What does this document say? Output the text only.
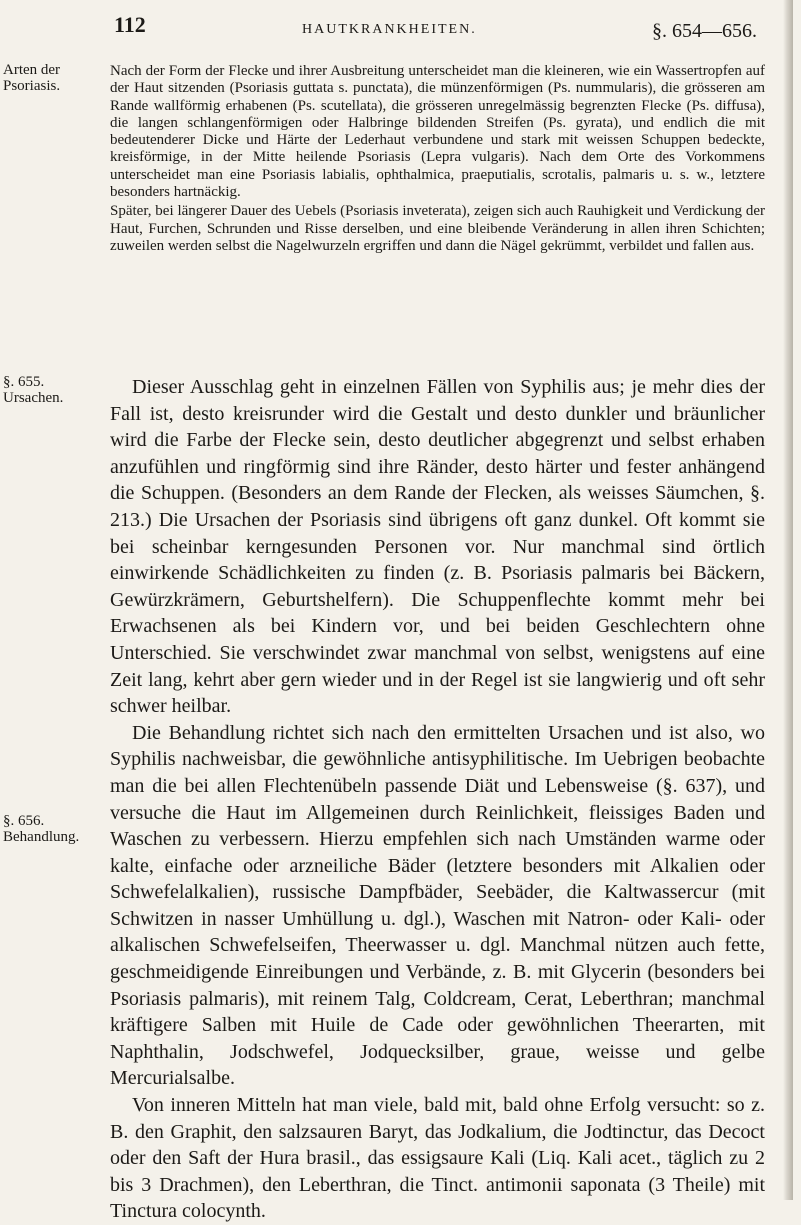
112	HAUTKRANKHEITEN.	§. 654—656.
Arten der Psoriasis.
§. 655. Ursachen.
§. 656. Behandlung.

Nach der Form der Flecke und ihrer Ausbreitung unterscheidet man die kleineren, wie ein Wassertropfen auf der Haut sitzenden (Psoriasis guttata s. punctata), die münzenförmigen (Ps. nummularis), die grösseren am Rande wallförmig erhabenen (Ps. scutellata), die grösseren unregelmässig begrenzten Flecke (Ps. diffusa), die langen schlangenförmigen oder Halbringe bildenden Streifen (Ps. gyrata), und endlich die mit bedeutenderer Dicke und Härte der Lederhaut verbundene und stark mit weissen Schuppen bedeckte, kreisförmige, in der Mitte heilende Psoriasis (Lepra vulgaris). Nach dem Orte des Vorkommens unterscheidet man eine Psoriasis labialis, ophthalmica, praeputialis, scrotalis, palmaris u. s. w., letztere besonders hartnäckig.

Später, bei längerer Dauer des Uebels (Psoriasis inveterata), zeigen sich auch Rauhigkeit und Verdickung der Haut, Furchen, Schrunden und Risse derselben, und eine bleibende Veränderung in allen ihren Schichten; zuweilen werden selbst die Nagelwurzeln ergriffen und dann die Nägel gekrümmt, verbildet und fallen aus.

Dieser Ausschlag geht in einzelnen Fällen von Syphilis aus; je mehr dies der Fall ist, desto kreisrunder wird die Gestalt und desto dunkler und bräunlicher wird die Farbe der Flecke sein, desto deutlicher abgegrenzt und selbst erhaben anzufühlen und ringförmig sind ihre Ränder, desto härter und fester anhängend die Schuppen. (Besonders an dem Rande der Flecken, als weisses Säumchen, §. 213.) Die Ursachen der Psoriasis sind übrigens oft ganz dunkel. Oft kommt sie bei scheinbar kerngesunden Personen vor. Nur manchmal sind örtlich einwirkende Schädlichkeiten zu finden (z. B. Psoriasis palmaris bei Bäckern, Gewürzkrämern, Geburtshelfern). Die Schuppenflechte kommt mehr bei Erwachsenen als bei Kindern vor, und bei beiden Geschlechtern ohne Unterschied. Sie verschwindet zwar manchmal von selbst, wenigstens auf eine Zeit lang, kehrt aber gern wieder und in der Regel ist sie langwierig und oft sehr schwer heilbar.

Die Behandlung richtet sich nach den ermittelten Ursachen und ist also, wo Syphilis nachweisbar, die gewöhnliche antisyphilitische. Im Uebrigen beobachte man die bei allen Flechtenübeln passende Diät und Lebensweise (§. 637), und versuche die Haut im Allgemeinen durch Reinlichkeit, fleissiges Baden und Waschen zu verbessern. Hierzu empfehlen sich nach Umständen warme oder kalte, einfache oder arzneiliche Bäder (letztere besonders mit Alkalien oder Schwefelalkalien), russische Dampfbäder, Seebäder, die Kaltwassercur (mit Schwitzen in nasser Umhüllung u. dgl.), Waschen mit Natron- oder Kali- oder alkalischen Schwefelseifen, Theerwasser u. dgl. Manchmal nützen auch fette, geschmeidigende Einreibungen und Verbände, z. B. mit Glycerin (besonders bei Psoriasis palmaris), mit reinem Talg, Coldcream, Cerat, Leberthran; manchmal kräftigere Salben mit Huile de Cade oder gewöhnlichen Theerarten, mit Naphthalin, Jodschwefel, Jodquecksilber, graue, weisse und gelbe Mercurialsalbe.

Von inneren Mitteln hat man viele, bald mit, bald ohne Erfolg versucht: so z. B. den Graphit, den salzsauren Baryt, das Jodkalium, die Jodtinctur, das Decoct oder den Saft der Hura brasil., das essigsaure Kali (Liq. Kali acet., täglich zu 2 bis 3 Drachmen), den Leberthran, die Tinct. antimonii saponata (3 Theile) mit Tinctura colocynth.
